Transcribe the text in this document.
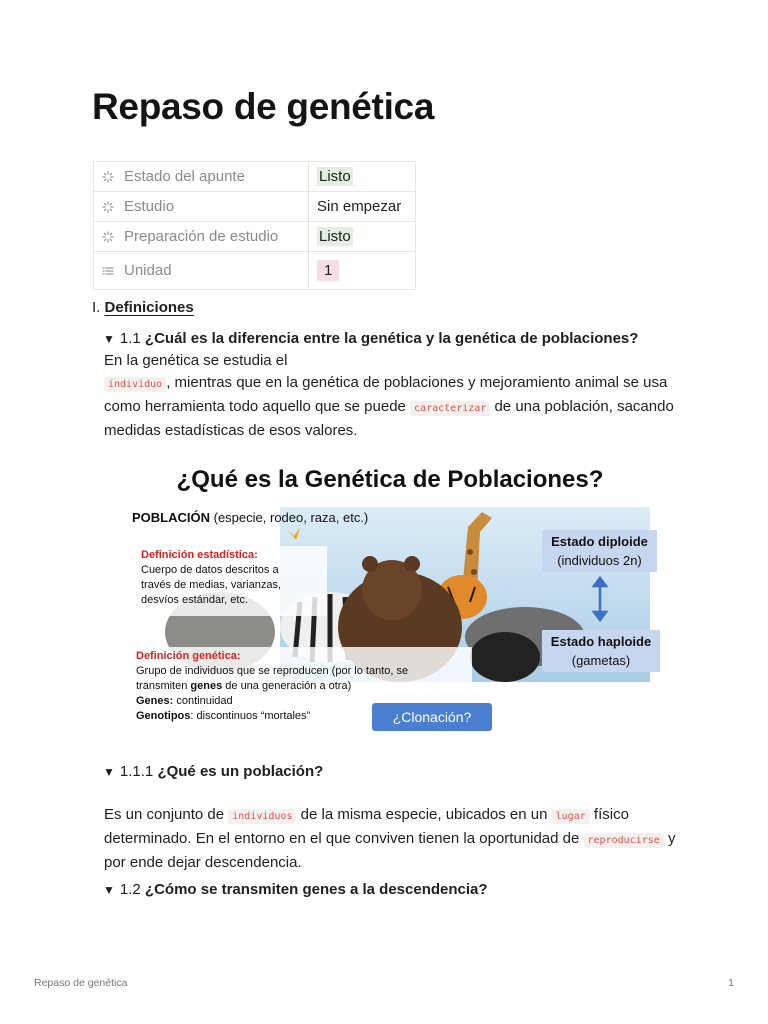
Repaso de genética
Estado del apunte	Listo

Estudio	Sin empezar

Preparación de estudio	Listo

Unidad	1
I. Definiciones
▼ 1.1 ¿Cuál es la diferencia entre la genética y la genética de poblaciones?
En la genética se estudia el
individuo , mientras que en la genética de poblaciones y mejoramiento animal se usa como herramienta todo aquello que se puede caracterizar de una población, sacando medidas estadísticas de esos valores.
¿Qué es la Genética de Poblaciones?
POBLACIÓN (especie, rodeo, raza, etc.)
Definición estadística:
Cuerpo de datos descritos a
través de medias, varianzas,
desvíos estándar, etc.
Definición genética:
Grupo de individuos que se reproducen (por lo tanto, se
transmiten genes de una generación a otra)
Genes: continuidad
Genotipos: discontinuos “mortales”
Estado diploide
(individuos 2n)
Estado haploide
(gametas)
¿Clonación?
▼ 1.1.1 ¿Qué es un población?
Es un conjunto de individuos de la misma especie, ubicados en un lugar físico determinado. En el entorno en el que conviven tienen la oportunidad de reproducirse y por ende dejar descendencia.
▼ 1.2 ¿Cómo se transmiten genes a la descendencia?
Repaso de genética	1
